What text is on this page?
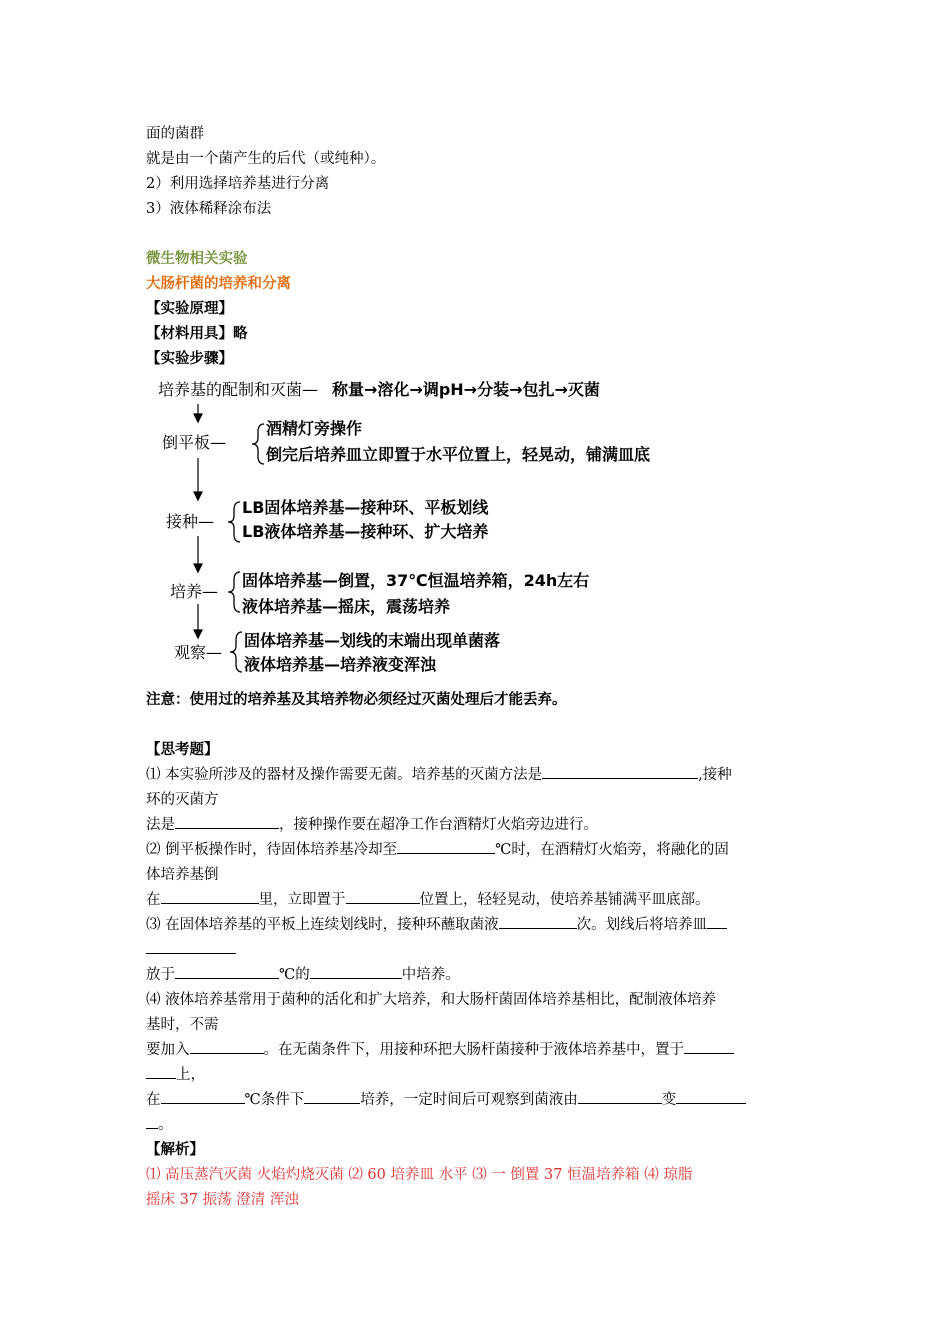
面的菌群
就是由一个菌产生的后代（或纯种）。
2）利用选择培养基进行分离
3）液体稀释涂布法
微生物相关实验
大肠杆菌的培养和分离
【实验原理】
【材料用具】略
【实验步骤】
培养基的配制和灭菌— 称量→溶化→调pH→分装→包扎→灭菌
倒平板—
酒精灯旁操作
倒完后培养皿立即置于水平位置上，轻晃动，铺满皿底
接种—
LB固体培养基—接种环、平板划线
LB液体培养基—接种环、扩大培养
培养—
固体培养基—倒置，37℃恒温培养箱，24h左右
液体培养基—摇床，震荡培养
观察—
固体培养基—划线的末端出现单菌落
液体培养基—培养液变浑浊
注意：使用过的培养基及其培养物必须经过灭菌处理后才能丢弃。
【思考题】
⑴ 本实验所涉及的器材及操作需要无菌。培养基的灭菌方法是	,接种
环的灭菌方
法是	，接种操作要在超净工作台酒精灯火焰旁边进行。
⑵ 倒平板操作时，待固体培养基冷却至	℃时，在酒精灯火焰旁，将融化的固
体培养基倒
在	里，立即置于	位置上，轻轻晃动，使培养基铺满平皿底部。
⑶ 在固体培养基的平板上连续划线时，接种环蘸取菌液	次。划线后将培养皿
放于	℃的	中培养。
⑷ 液体培养基常用于菌种的活化和扩大培养，和大肠杆菌固体培养基相比，配制液体培养
基时，不需
要加入	。在无菌条件下，用接种环把大肠杆菌接种于液体培养基中，置于
上，
在	℃条件下	培养，一定时间后可观察到菌液由	变
。
【解析】
⑴ 高压蒸汽灭菌 火焰灼烧灭菌 ⑵ 60 培养皿 水平 ⑶ 一 倒置 37 恒温培养箱 ⑷ 琼脂
摇床 37 振荡 澄清 浑浊
